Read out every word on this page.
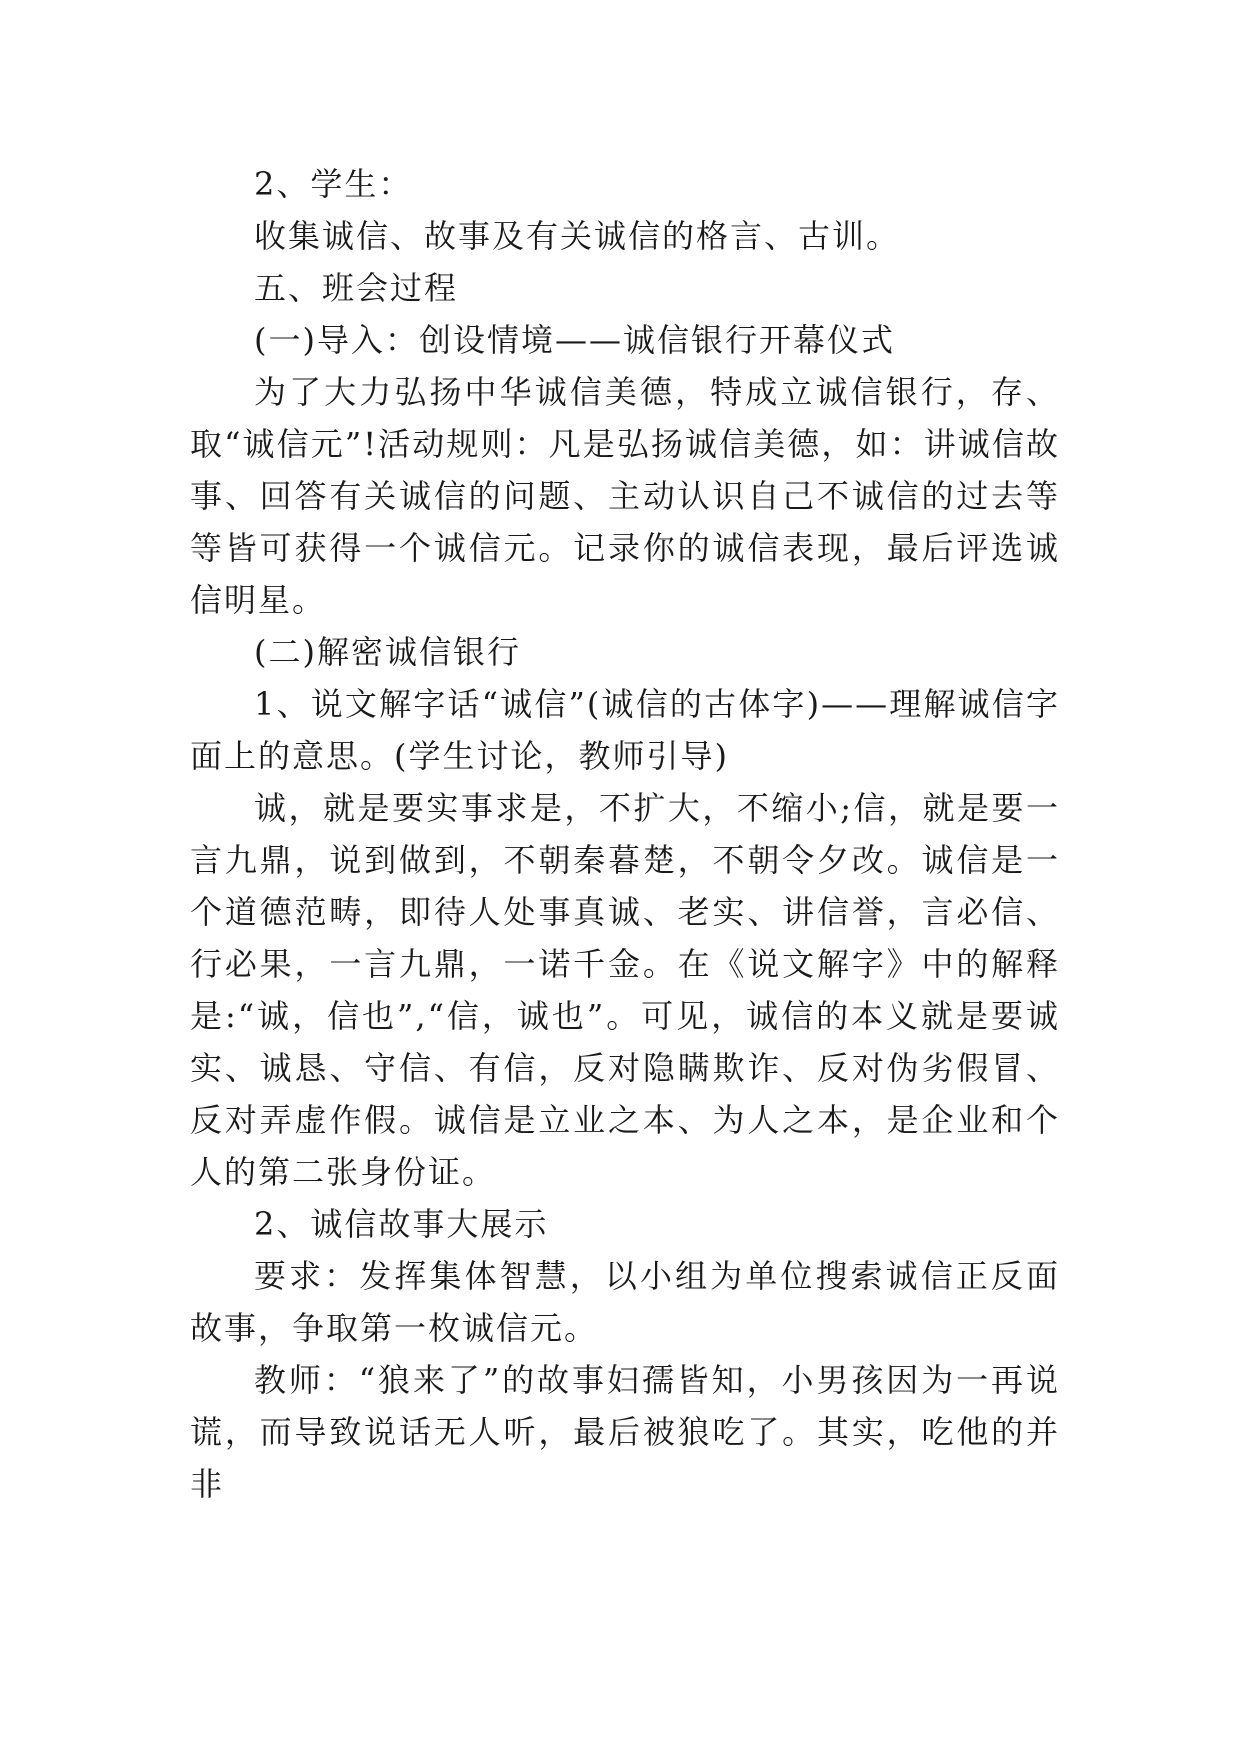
2、学生：

收集诚信、故事及有关诚信的格言、古训。

五、班会过程

(一)导入：创设情境——诚信银行开幕仪式

为了大力弘扬中华诚信美德，特成立诚信银行，存、取“诚信元”!活动规则：凡是弘扬诚信美德，如：讲诚信故事、回答有关诚信的问题、主动认识自己不诚信的过去等等皆可获得一个诚信元。记录你的诚信表现，最后评选诚信明星。

(二)解密诚信银行

1、说文解字话“诚信”(诚信的古体字)——理解诚信字面上的意思。(学生讨论，教师引导)

诚，就是要实事求是，不扩大，不缩小;信，就是要一言九鼎，说到做到，不朝秦暮楚，不朝令夕改。诚信是一个道德范畴，即待人处事真诚、老实、讲信誉，言必信、行必果，一言九鼎，一诺千金。在《说文解字》中的解释是:“诚，信也”,“信，诚也”。可见，诚信的本义就是要诚实、诚恳、守信、有信，反对隐瞒欺诈、反对伪劣假冒、反对弄虚作假。诚信是立业之本、为人之本，是企业和个人的第二张身份证。

2、诚信故事大展示

要求：发挥集体智慧，以小组为单位搜索诚信正反面故事，争取第一枚诚信元。

教师：“狼来了”的故事妇孺皆知，小男孩因为一再说谎，而导致说话无人听，最后被狼吃了。其实，吃他的并非
